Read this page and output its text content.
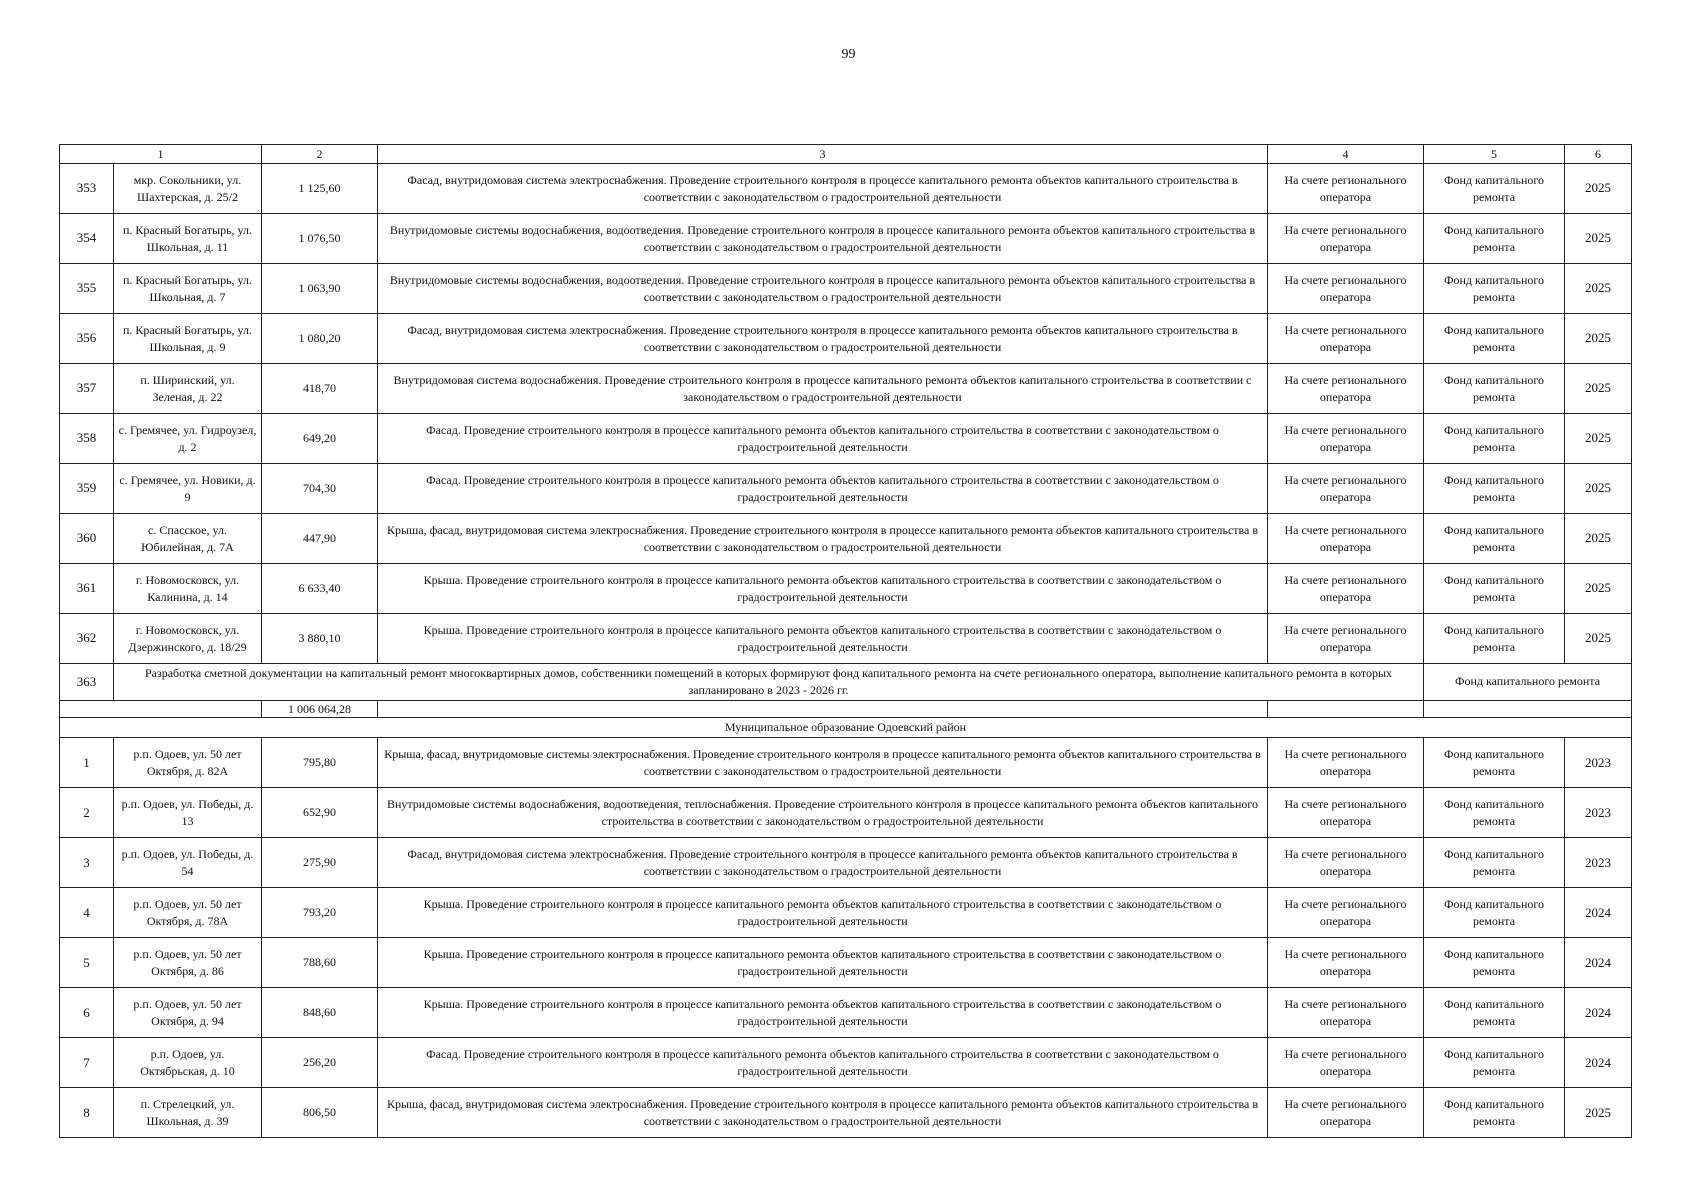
99
1		2	3	4	5	6
353	мкр. Сокольники, ул. Шахтерская, д. 25/2	1 125,60	Фасад, внутридомовая система электроснабжения. Проведение строительного контроля в процессе капитального ремонта объектов капитального строительства в соответствии с законодательством о градостроительной деятельности	На счете регионального оператора	Фонд капитального ремонта	2025
354	п. Красный Богатырь, ул. Школьная, д. 11	1 076,50	Внутридомовые системы водоснабжения, водоотведения. Проведение строительного контроля в процессе капитального ремонта объектов капитального строительства в соответствии с законодательством о градостроительной деятельности	На счете регионального оператора	Фонд капитального ремонта	2025
355	п. Красный Богатырь, ул. Школьная, д. 7	1 063,90	Внутридомовые системы водоснабжения, водоотведения. Проведение строительного контроля в процессе капитального ремонта объектов капитального строительства в соответствии с законодательством о градостроительной деятельности	На счете регионального оператора	Фонд капитального ремонта	2025
356	п. Красный Богатырь, ул. Школьная, д. 9	1 080,20	Фасад, внутридомовая система электроснабжения. Проведение строительного контроля в процессе капитального ремонта объектов капитального строительства в соответствии с законодательством о градостроительной деятельности	На счете регионального оператора	Фонд капитального ремонта	2025
357	п. Ширинский, ул. Зеленая, д. 22	418,70	Внутридомовая система водоснабжения. Проведение строительного контроля в процессе капитального ремонта объектов капитального строительства в соответствии с законодательством о градостроительной деятельности	На счете регионального оператора	Фонд капитального ремонта	2025
358	с. Гремячее, ул. Гидроузел, д. 2	649,20	Фасад. Проведение строительного контроля в процессе капитального ремонта объектов капитального строительства в соответствии с законодательством о градостроительной деятельности	На счете регионального оператора	Фонд капитального ремонта	2025
359	с. Гремячее, ул. Новики, д. 9	704,30	Фасад. Проведение строительного контроля в процессе капитального ремонта объектов капитального строительства в соответствии с законодательством о градостроительной деятельности	На счете регионального оператора	Фонд капитального ремонта	2025
360	с. Спасское, ул. Юбилейная, д. 7А	447,90	Крыша, фасад, внутридомовая система электроснабжения. Проведение строительного контроля в процессе капитального ремонта объектов капитального строительства в соответствии с законодательством о градостроительной деятельности	На счете регионального оператора	Фонд капитального ремонта	2025
361	г. Новомосковск, ул. Калинина, д. 14	6 633,40	Крыша. Проведение строительного контроля в процессе капитального ремонта объектов капитального строительства в соответствии с законодательством о градостроительной деятельности	На счете регионального оператора	Фонд капитального ремонта	2025
362	г. Новомосковск, ул. Дзержинского, д. 18/29	3 880,10	Крыша. Проведение строительного контроля в процессе капитального ремонта объектов капитального строительства в соответствии с законодательством о градостроительной деятельности	На счете регионального оператора	Фонд капитального ремонта	2025
363	Разработка сметной документации на капитальный ремонт многоквартирных домов, собственники помещений в которых формируют фонд капитального ремонта на счете регионального оператора, выполнение капитального ремонта в которых запланировано в 2023 - 2026 гг.				Фонд капитального ремонта	
		1 006 064,28				
Муниципальное образование Одоевский район						
1	р.п. Одоев, ул. 50 лет Октября, д. 82А	795,80	Крыша, фасад, внутридомовые системы электроснабжения. Проведение строительного контроля в процессе капитального ремонта объектов капитального строительства в соответствии с законодательством о градостроительной деятельности	На счете регионального оператора	Фонд капитального ремонта	2023
2	р.п. Одоев, ул. Победы, д. 13	652,90	Внутридомовые системы водоснабжения, водоотведения, теплоснабжения. Проведение строительного контроля в процессе капитального ремонта объектов капитального строительства в соответствии с законодательством о градостроительной деятельности	На счете регионального оператора	Фонд капитального ремонта	2023
3	р.п. Одоев, ул. Победы, д. 54	275,90	Фасад, внутридомовая система электроснабжения. Проведение строительного контроля в процессе капитального ремонта объектов капитального строительства в соответствии с законодательством о градостроительной деятельности	На счете регионального оператора	Фонд капитального ремонта	2023
4	р.п. Одоев, ул. 50 лет Октября, д. 78А	793,20	Крыша. Проведение строительного контроля в процессе капитального ремонта объектов капитального строительства в соответствии с законодательством о градостроительной деятельности	На счете регионального оператора	Фонд капитального ремонта	2024
5	р.п. Одоев, ул. 50 лет Октября, д. 86	788,60	Крыша. Проведение строительного контроля в процессе капитального ремонта объектов капитального строительства в соответствии с законодательством о градостроительной деятельности	На счете регионального оператора	Фонд капитального ремонта	2024
6	р.п. Одоев, ул. 50 лет Октября, д. 94	848,60	Крыша. Проведение строительного контроля в процессе капитального ремонта объектов капитального строительства в соответствии с законодательством о градостроительной деятельности	На счете регионального оператора	Фонд капитального ремонта	2024
7	р.п. Одоев, ул. Октябрьская, д. 10	256,20	Фасад. Проведение строительного контроля в процессе капитального ремонта объектов капитального строительства в соответствии с законодательством о градостроительной деятельности	На счете регионального оператора	Фонд капитального ремонта	2024
8	п. Стрелецкий, ул. Школьная, д. 39	806,50	Крыша, фасад, внутридомовая система электроснабжения. Проведение строительного контроля в процессе капитального ремонта объектов капитального строительства в соответствии с законодательством о градостроительной деятельности	На счете регионального оператора	Фонд капитального ремонта	2025
